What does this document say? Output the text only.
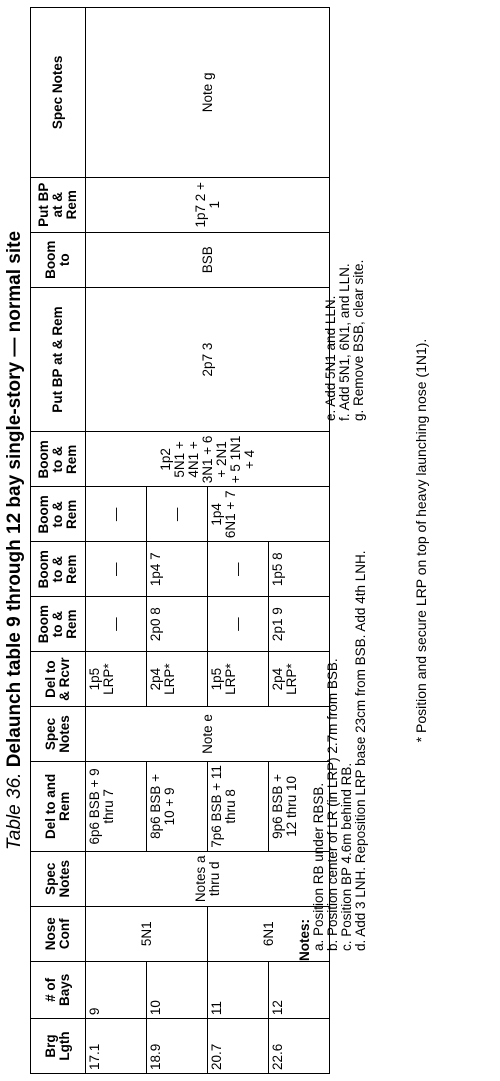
Table 36. Delaunch table 9 through 12 bay single-story — normal site
Brg Lgth	# of Bays	Nose Conf	Spec Notes	Del to and Rem	Spec Notes	Del to & Rcvr	Boom to & Rem	Boom to & Rem	Boom to & Rem	Boom to & Rem	Put BP at & Rem	Boom to	Put BP at & Rem	Spec Notes
17.1	9	5N1	Notes a thru d	6p6 BSB + 9 thru 7	Note e	1p5 LRP*	—	—	—	1p2 5N1 + 4N1 + 3N1 + 6 + 2N1 + 5 1N1 + 4	2p7 3	BSB	1p7 2 + 1	Note g
18.9	10			8p6 BSB + 10 + 9		2p4 LRP*	2p0 8	1p4 7	—					
20.7	11	6N1		7p6 BSB + 11 thru 8		1p5 LRP*	—	—	1p4 6N1 + 7					
22.6	12			9p6 BSB + 12 thru 10		2p4 LRP*	2p1 9	1p5 8						
Notes: a. Position RB under RBSB. b. Position center of LR (in LRP) 2.7m from BSB. c. Position BP 4.6m behind RB. d. Add 3 LNH. Reposition LRP base 23cm from BSB. Add 4th LNH.
e. Add 5N1 and LLN. f. Add 5N1, 6N1, and LLN. g. Remove BSB, clear site.	* Position and secure LRP on top of heavy launching nose (1N1).
